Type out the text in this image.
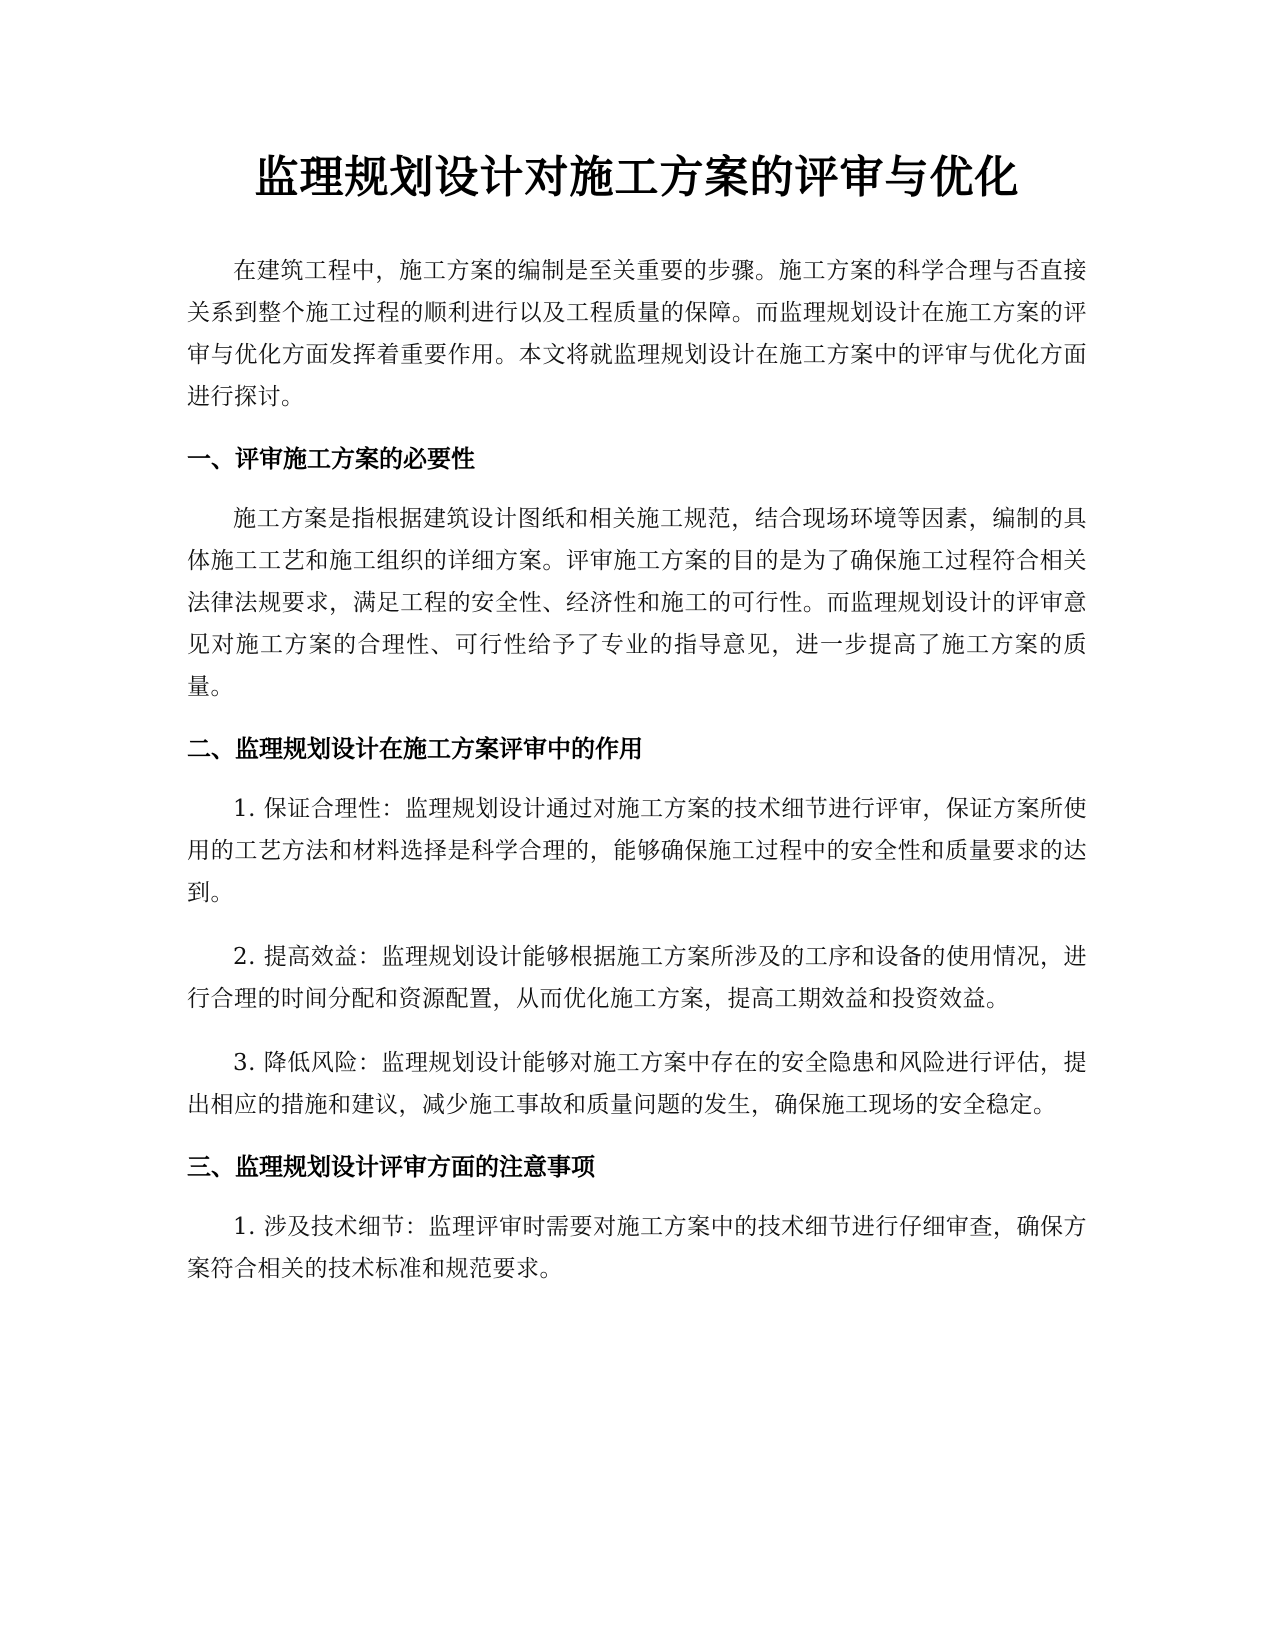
监理规划设计对施工方案的评审与优化

在建筑工程中，施工方案的编制是至关重要的步骤。施工方案的科学合理与否直接关系到整个施工过程的顺利进行以及工程质量的保障。而监理规划设计在施工方案的评审与优化方面发挥着重要作用。本文将就监理规划设计在施工方案中的评审与优化方面进行探讨。

一、评审施工方案的必要性

施工方案是指根据建筑设计图纸和相关施工规范，结合现场环境等因素，编制的具体施工工艺和施工组织的详细方案。评审施工方案的目的是为了确保施工过程符合相关法律法规要求，满足工程的安全性、经济性和施工的可行性。而监理规划设计的评审意见对施工方案的合理性、可行性给予了专业的指导意见，进一步提高了施工方案的质量。

二、监理规划设计在施工方案评审中的作用

1. 保证合理性：监理规划设计通过对施工方案的技术细节进行评审，保证方案所使用的工艺方法和材料选择是科学合理的，能够确保施工过程中的安全性和质量要求的达到。

2. 提高效益：监理规划设计能够根据施工方案所涉及的工序和设备的使用情况，进行合理的时间分配和资源配置，从而优化施工方案，提高工期效益和投资效益。

3. 降低风险：监理规划设计能够对施工方案中存在的安全隐患和风险进行评估，提出相应的措施和建议，减少施工事故和质量问题的发生，确保施工现场的安全稳定。

三、监理规划设计评审方面的注意事项

1. 涉及技术细节：监理评审时需要对施工方案中的技术细节进行仔细审查，确保方案符合相关的技术标准和规范要求。
